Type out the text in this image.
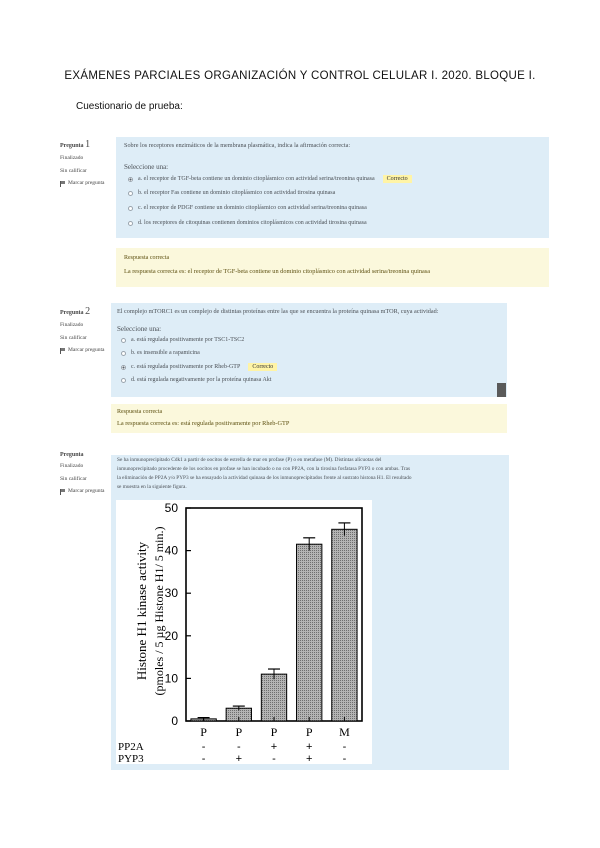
EXÁMENES PARCIALES ORGANIZACIÓN Y CONTROL CELULAR I. 2020. BLOQUE I.
Cuestionario de prueba:
Pregunta 1
Finalizado
Sin calificar
Marcar pregunta
Sobre los receptores enzimáticos de la membrana plasmática, indica la afirmación correcta:
Seleccione una:
a. el receptor de TGF-beta contiene un dominio citoplásmico con actividad serina/treonina quinasa	Correcto
b. el receptor Fas contiene un dominio citoplásmico con actividad tirosina quinasa
c. el receptor de PDGF contiene un dominio citoplásmico con actividad serina/treonina quinasa
d. los receptores de citoquinas contienen dominios citoplásmicos con actividad tirosina quinasa
Respuesta correcta
La respuesta correcta es: el receptor de TGF-beta contiene un dominio citoplásmico con actividad serina/treonina quinasa
Pregunta 2
Finalizado
Sin calificar
Marcar pregunta
El complejo mTORC1 es un complejo de distintas proteínas entre las que se encuentra la proteína quinasa mTOR, cuya actividad:
Seleccione una:
a. está regulada positivamente por TSC1-TSC2
b. es insensible a rapamicina
c. está regulada positivamente por Rheb-GTP	Correcto
d. está regulada negativamente por la proteína quinasa Akt
Respuesta correcta
La respuesta correcta es: está regulada positivamente por Rheb-GTP
Pregunta
Finalizado
Sin calificar
Marcar pregunta
Se ha inmunoprecipitado Cdk1 a partir de oocitos de estrella de mar en profase (P) o en metafase (M). Distintas alícuotas del
inmunoprecipitado procedente de los oocitos en profase se han incubado o no con PP2A, con la tirosina fosfatasa PYP3 o con ambas. Tras
la eliminación de PP2A y/o PYP3 se ha ensayado la actividad quinasa de los inmunoprecipitados frente al sustrato histona H1. El resultado
se muestra en la siguiente figura.
0
10
20
30
40
50
P
-
-
P
-
+
P
+
-
P
+
+
M
-
-
PP2A
PYP3
Histone H1 kinase activity (pmoles / 5 µg Histone H1/ 5 min.)
